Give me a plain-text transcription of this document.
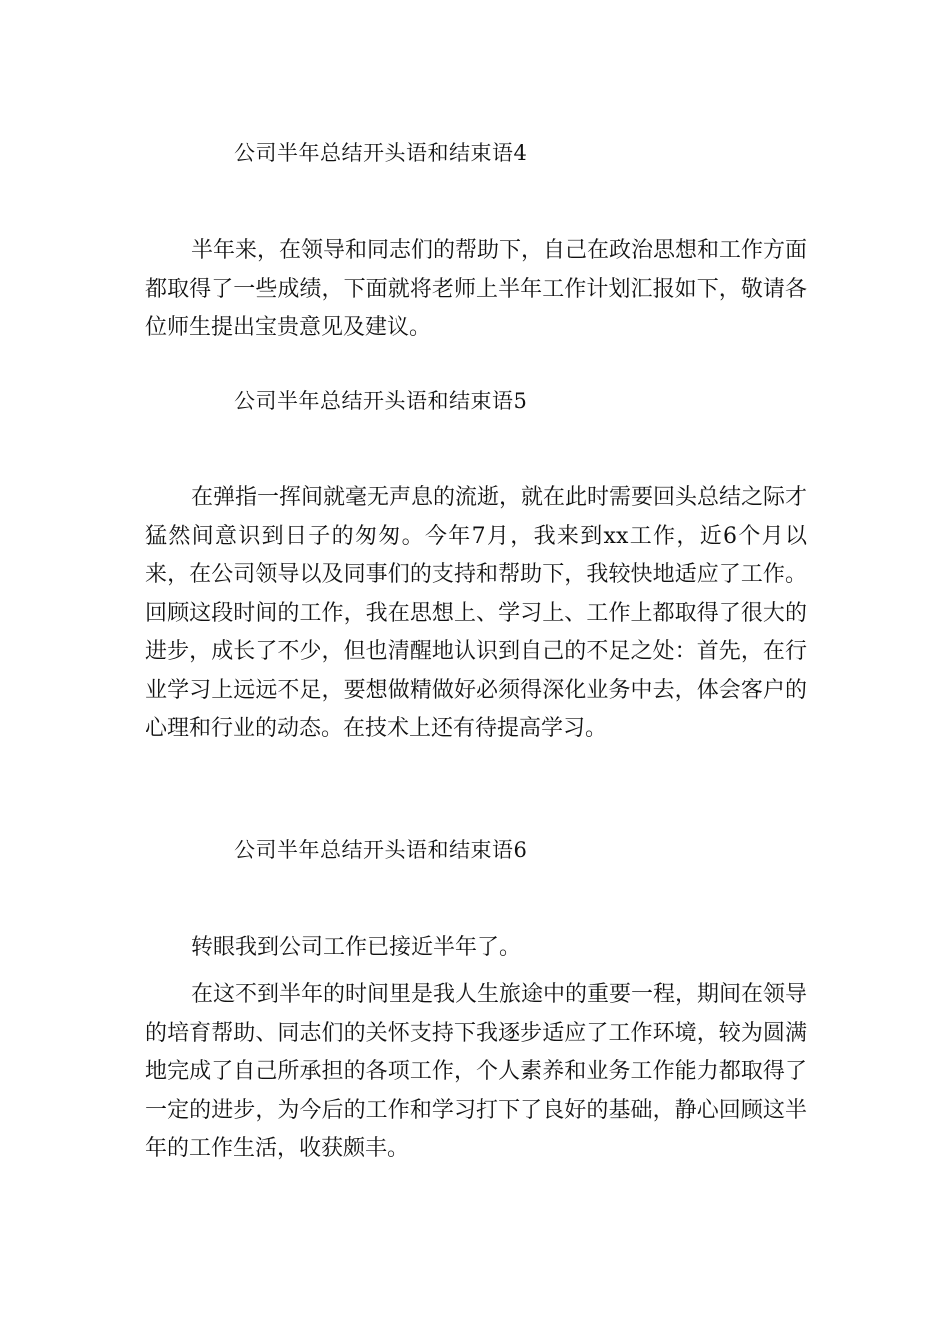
公司半年总结开头语和结束语4

半年来，在领导和同志们的帮助下，自己在政治思想和工作方面都取得了一些成绩，下面就将老师上半年工作计划汇报如下，敬请各位师生提出宝贵意见及建议。

公司半年总结开头语和结束语5

在弹指一挥间就毫无声息的流逝，就在此时需要回头总结之际才猛然间意识到日子的匆匆。今年7月，我来到xx工作，近6个月以来，在公司领导以及同事们的支持和帮助下，我较快地适应了工作。回顾这段时间的工作，我在思想上、学习上、工作上都取得了很大的进步，成长了不少，但也清醒地认识到自己的不足之处：首先，在行业学习上远远不足，要想做精做好必须得深化业务中去，体会客户的心理和行业的动态。在技术上还有待提高学习。

公司半年总结开头语和结束语6

转眼我到公司工作已接近半年了。

在这不到半年的时间里是我人生旅途中的重要一程，期间在领导的培育帮助、同志们的关怀支持下我逐步适应了工作环境，较为圆满地完成了自己所承担的各项工作，个人素养和业务工作能力都取得了一定的进步，为今后的工作和学习打下了良好的基础，静心回顾这半年的工作生活，收获颇丰。
